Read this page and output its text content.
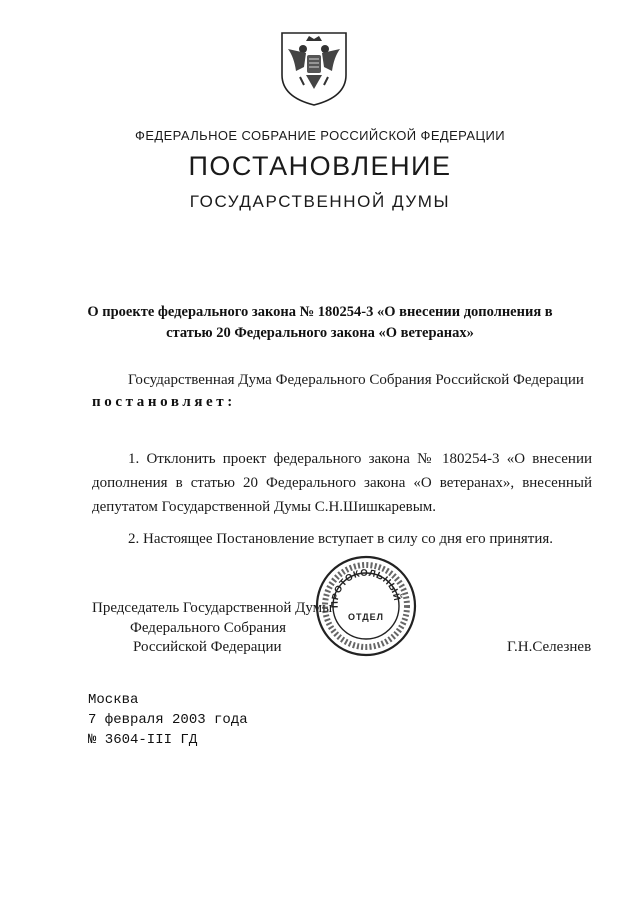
ФЕДЕРАЛЬНОЕ СОБРАНИЕ РОССИЙСКОЙ ФЕДЕРАЦИИ
ПОСТАНОВЛЕНИЕ
ГОСУДАРСТВЕННОЙ ДУМЫ
О проекте федерального закона № 180254-3 «О внесении дополнения в
статью 20 Федерального закона «О ветеранах»
Государственная Дума Федерального Собрания Российской Федерации
постановляет:
1. Отклонить проект федерального закона № 180254-3 «О внесении дополнения в статью 20 Федерального закона «О ветеранах», внесенный депутатом Государственной Думы С.Н.Шишкаревым.
2. Настоящее Постановление вступает в силу со дня его принятия.
Председатель Государственной Думы
Федерального Собрания
Российской Федерации	Г.Н.Селезнев
ПРОТОКОЛЬНЫЙ
ОТДЕЛ
Москва
7 февраля 2003 года
№ 3604-III ГД
